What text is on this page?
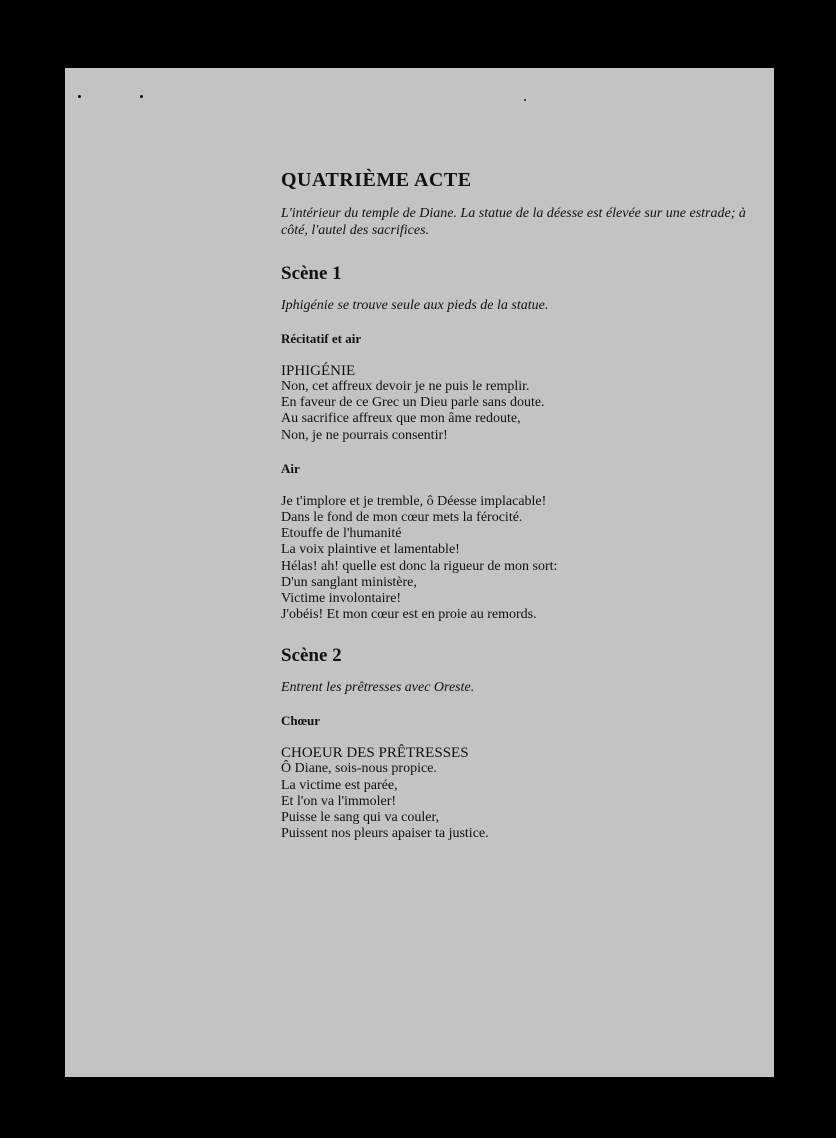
QUATRIÈME ACTE

L'intérieur du temple de Diane. La statue de la déesse est élevée sur une estrade; à côté, l'autel des sacrifices.

Scène 1

Iphigénie se trouve seule aux pieds de la statue.

Récitatif et air

IPHIGÉNIE

Non, cet affreux devoir je ne puis le remplir.
En faveur de ce Grec un Dieu parle sans doute.
Au sacrifice affreux que mon âme redoute,
Non, je ne pourrais consentir!

Air

Je t'implore et je tremble, ô Déesse implacable!
Dans le fond de mon cœur mets la férocité.
Etouffe de l'humanité
La voix plaintive et lamentable!
Hélas! ah! quelle est donc la rigueur de mon sort:
D'un sanglant ministère,
Victime involontaire!
J'obéis! Et mon cœur est en proie au remords.
Scène 2

Entrent les prêtresses avec Oreste.

Chœur

CHOEUR DES PRÊTRESSES

Ô Diane, sois-nous propice.
La victime est parée,
Et l'on va l'immoler!
Puisse le sang qui va couler,
Puissent nos pleurs apaiser ta justice.
